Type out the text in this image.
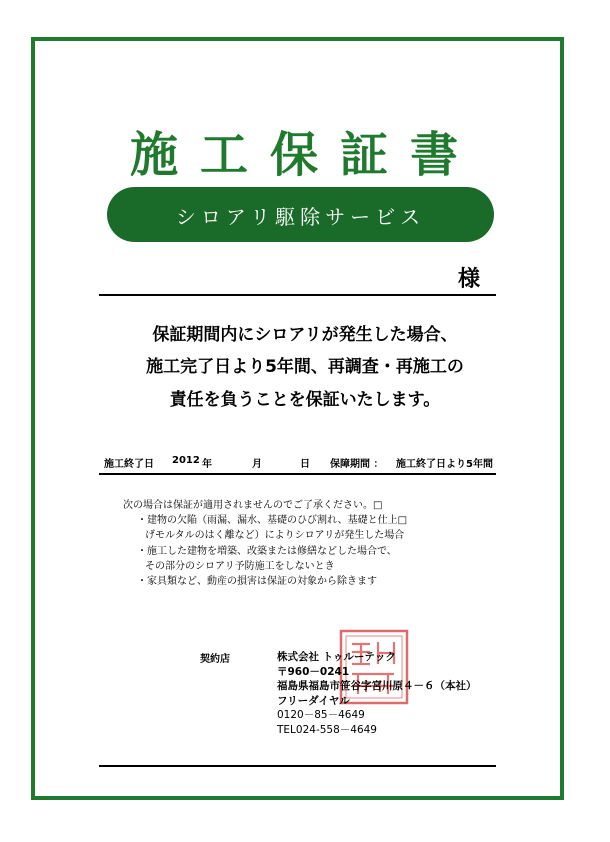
施工保証書
シロアリ駆除サービス
様
保証期間内にシロアリが発生した場合、
施工完了日より5年間、再調査・再施工の
責任を負うことを保証いたします。
施工終了日 2012 年	月	日 保障期間 ： 施工終了日より5年間
次の場合は保証が適用されませんのでご了承ください。□
・建物の欠陥（雨漏、漏水、基礎のひび割れ、基礎と仕上□
げモルタルのはく離など）によりシロアリが発生した場合
・施工した建物を増築、改築または修繕などした場合で、
その部分のシロアリ予防施工をしないとき
・家具類など、動産の損害は保証の対象から除きます
契約店	株式会社 トゥルーテック
〒960－0241
福島県福島市笹谷字宮川原４－６（本社）
フリーダイヤル
0120－85－4649
TEL024-558－4649
